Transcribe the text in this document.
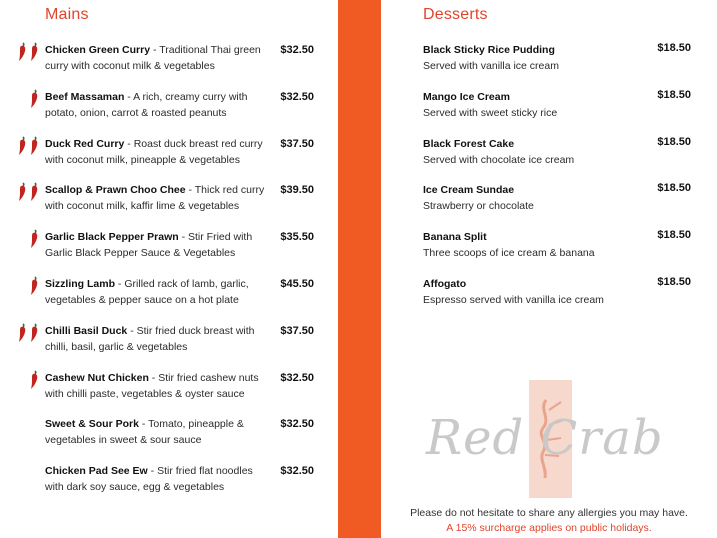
Mains
Chicken Green Curry - Traditional Thai green curry with coconut milk & vegetables
$32.50
Beef Massaman - A rich, creamy curry with potato, onion, carrot & roasted peanuts
$32.50
Duck Red Curry - Roast duck breast red curry with coconut milk, pineapple & vegetables
$37.50
Scallop & Prawn Choo Chee - Thick red curry with coconut milk, kaffir lime & vegetables
$39.50
Garlic Black Pepper Prawn - Stir Fried with Garlic Black Pepper Sauce & Vegetables
$35.50
Sizzling Lamb - Grilled rack of lamb, garlic, vegetables & pepper sauce on a hot plate
$45.50
Chilli Basil Duck - Stir fried duck breast with chilli, basil, garlic & vegetables
$37.50
Cashew Nut Chicken - Stir fried cashew nuts with chilli paste, vegetables & oyster sauce
$32.50
Sweet & Sour Pork - Tomato, pineapple & vegetables in sweet & sour sauce
$32.50
Chicken Pad See Ew - Stir fried flat noodles with dark soy sauce, egg & vegetables
$32.50
Desserts
Black Sticky Rice Pudding
Served with vanilla ice cream
$18.50
Mango Ice Cream
Served with sweet sticky rice
$18.50
Black Forest Cake
Served with chocolate ice cream
$18.50
Ice Cream Sundae
Strawberry or chocolate
$18.50
Banana Split
Three scoops of ice cream & banana
$18.50
Affogato
Espresso served with vanilla ice cream
$18.50
Red Crab
Please do not hesitate to share any allergies you may have.
A 15% surcharge applies on public holidays.
